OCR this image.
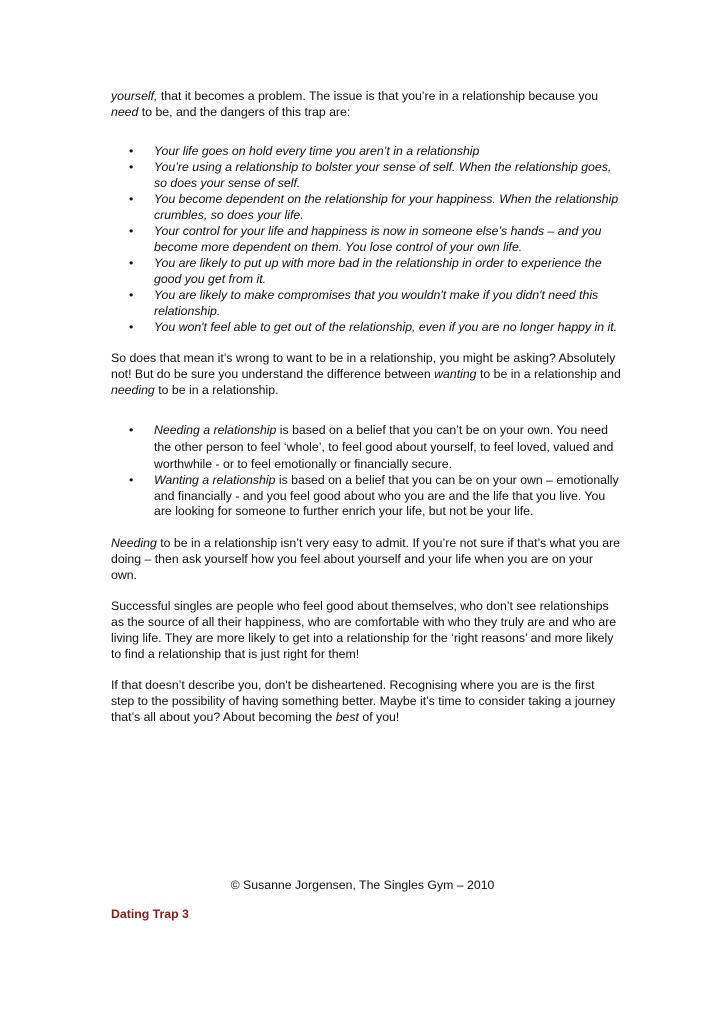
yourself, that it becomes a problem. The issue is that you’re in a relationship because you
need to be, and the dangers of this trap are:

• Your life goes on hold every time you aren’t in a relationship
• You’re using a relationship to bolster your sense of self. When the relationship goes, so does your sense of self.
• You become dependent on the relationship for your happiness. When the relationship crumbles, so does your life.
• Your control for your life and happiness is now in someone else’s hands – and you become more dependent on them. You lose control of your own life.
• You are likely to put up with more bad in the relationship in order to experience the good you get from it.
• You are likely to make compromises that you wouldn't make if you didn't need this relationship.
• You won't feel able to get out of the relationship, even if you are no longer happy in it.

So does that mean it’s wrong to want to be in a relationship, you might be asking? Absolutely not! But do be sure you understand the difference between wanting to be in a relationship and needing to be in a relationship.

• Needing a relationship is based on a belief that you can’t be on your own. You need the other person to feel ‘whole’, to feel good about yourself, to feel loved, valued and worthwhile - or to feel emotionally or financially secure.
• Wanting a relationship is based on a belief that you can be on your own – emotionally and financially - and you feel good about who you are and the life that you live. You are looking for someone to further enrich your life, but not be your life.

Needing to be in a relationship isn’t very easy to admit. If you’re not sure if that’s what you are doing – then ask yourself how you feel about yourself and your life when you are on your own.

Successful singles are people who feel good about themselves, who don’t see relationships as the source of all their happiness, who are comfortable with who they truly are and who are living life. They are more likely to get into a relationship for the ‘right reasons’ and more likely to find a relationship that is just right for them!

If that doesn’t describe you, don't be disheartened. Recognising where you are is the first step to the possibility of having something better. Maybe it’s time to consider taking a journey that’s all about you? About becoming the best of you!

© Susanne Jorgensen, The Singles Gym – 2010
Dating Trap 3
